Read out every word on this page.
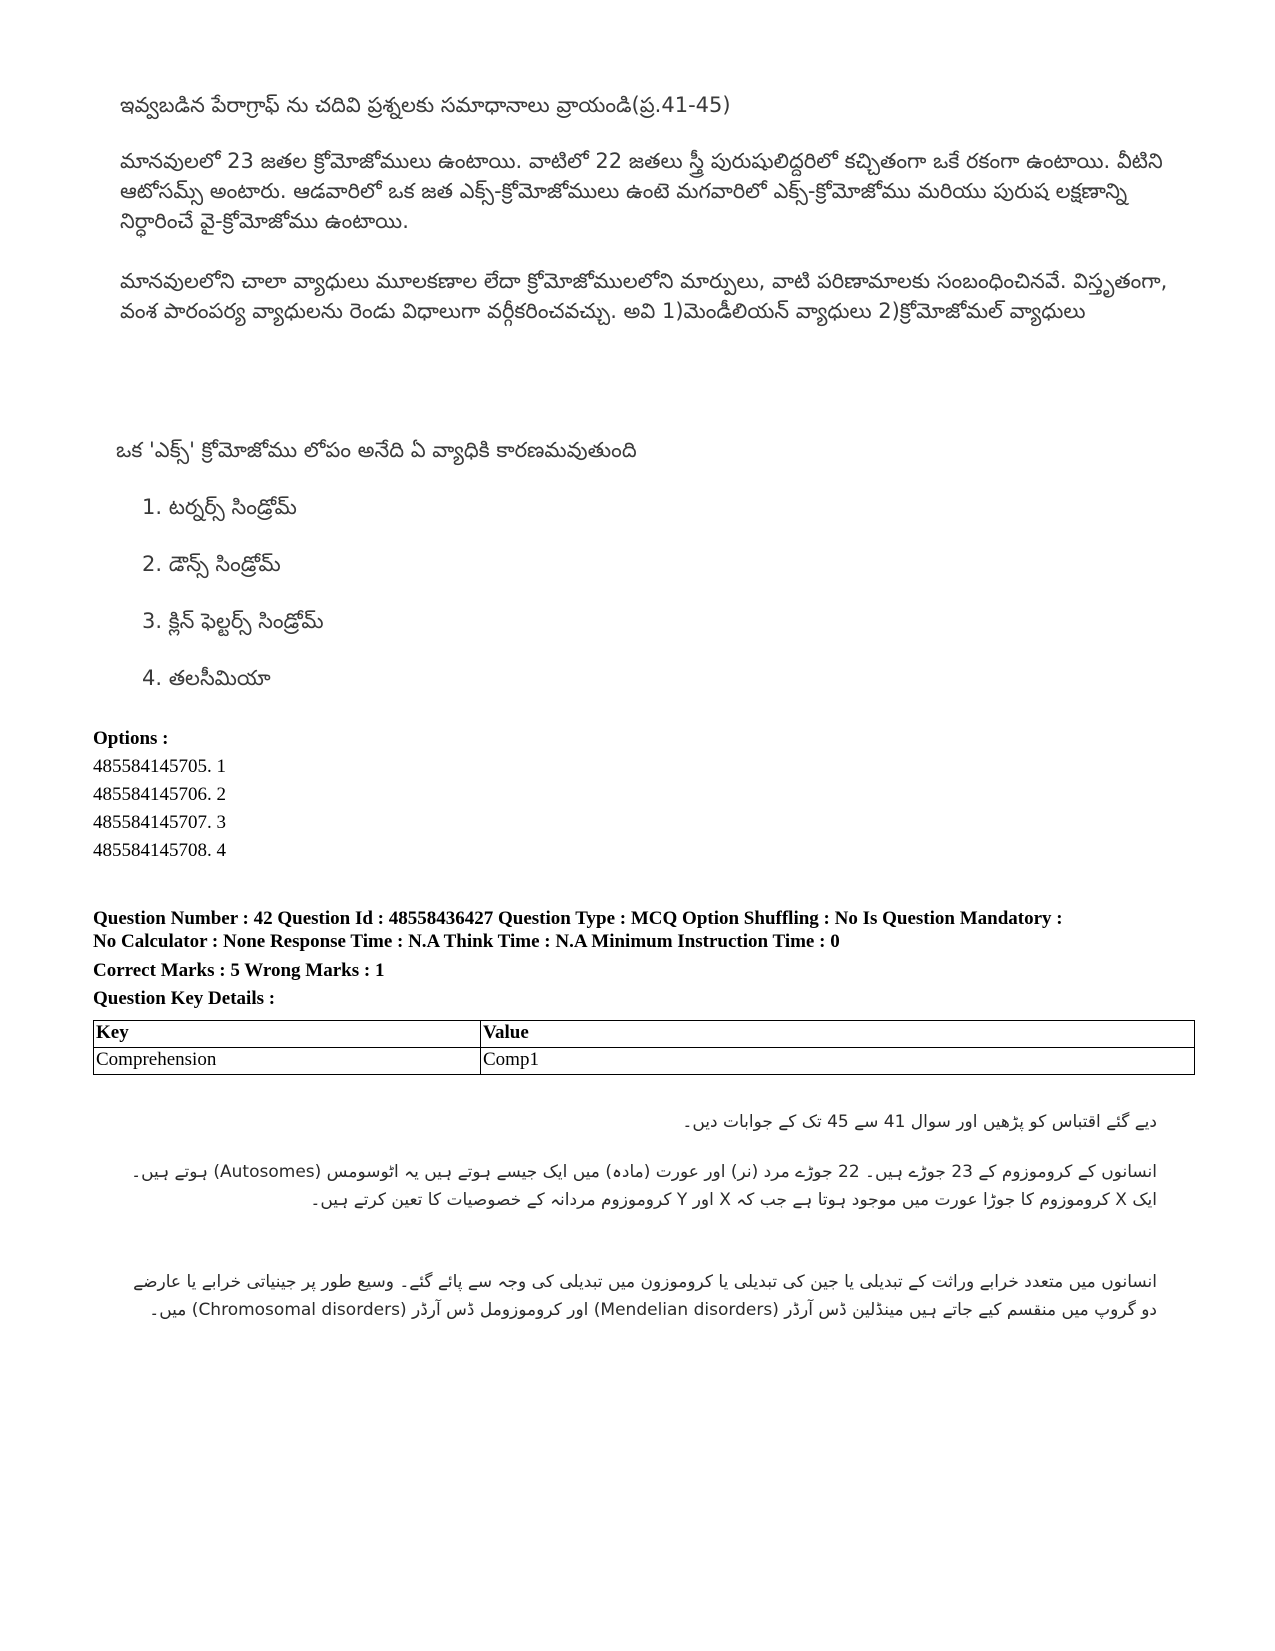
ఇవ్వబడిన పేరాగ్రాఫ్ ను చదివి ప్రశ్నలకు సమాధానాలు వ్రాయండి(ప్ర.41-45)
మానవులలో 23 జతల క్రోమోజోములు ఉంటాయి. వాటిలో 22 జతలు స్త్రీ పురుషులిద్దరిలో కచ్చితంగా ఒకే రకంగా ఉంటాయి. వీటిని ఆటోసమ్స్ అంటారు. ఆడవారిలో ఒక జత ఎక్స్-క్రోమోజోములు ఉంటె మగవారిలో ఎక్స్-క్రోమోజోము మరియు పురుష లక్షణాన్ని నిర్ధారించే వై-క్రోమోజోము ఉంటాయి.
మానవులలోని చాలా వ్యాధులు మూలకణాల లేదా క్రోమోజోములలోని మార్పులు, వాటి పరిణామాలకు సంబంధించినవే. విస్తృతంగా, వంశ పారంపర్య వ్యాధులను రెండు విధాలుగా వర్గీకరించవచ్చు. అవి 1)మెండీలియన్ వ్యాధులు 2)క్రోమోజోమల్ వ్యాధులు
ఒక 'ఎక్స్' క్రోమోజోము లోపం అనేది ఏ వ్యాధికి కారణమవుతుంది
1. టర్నర్స్ సిండ్రోమ్
2. డౌన్స్ సిండ్రోమ్
3. క్లిన్ ఫెల్టర్స్ సిండ్రోమ్
4. తలసీమియా
Options :
485584145705. 1
485584145706. 2
485584145707. 3
485584145708. 4
Question Number : 42 Question Id : 48558436427 Question Type : MCQ Option Shuffling : No Is Question Mandatory :
No Calculator : None Response Time : N.A Think Time : N.A Minimum Instruction Time : 0
Correct Marks : 5 Wrong Marks : 1
Question Key Details :
Key	Value
Comprehension	Comp1
دیے گئے اقتباس کو پڑھیں اور سوال 41 سے 45 تک کے جوابات دیں۔
انسانوں کے کروموزوم کے 23 جوڑے ہیں۔ 22 جوڑے مرد (نر) اور عورت (مادہ) میں ایک جیسے ہوتے ہیں یہ اٹوسومس (Autosomes) ہوتے ہیں۔ ایک X کروموزوم کا جوڑا عورت میں موجود ہوتا ہے جب کہ X اور Y کروموزوم مردانہ کے خصوصیات کا تعین کرتے ہیں۔
انسانوں میں متعدد خرابے وراثت کے تبدیلی یا جین کی تبدیلی یا کروموزون میں تبدیلی کی وجہ سے پائے گئے۔ وسیع طور پر جینیاتی خرابے یا عارضے دو گروپ میں منقسم کیے جاتے ہیں مینڈلین ڈس آرڈر (Mendelian disorders) اور کروموزومل ڈس آرڈر (Chromosomal disorders) میں۔
